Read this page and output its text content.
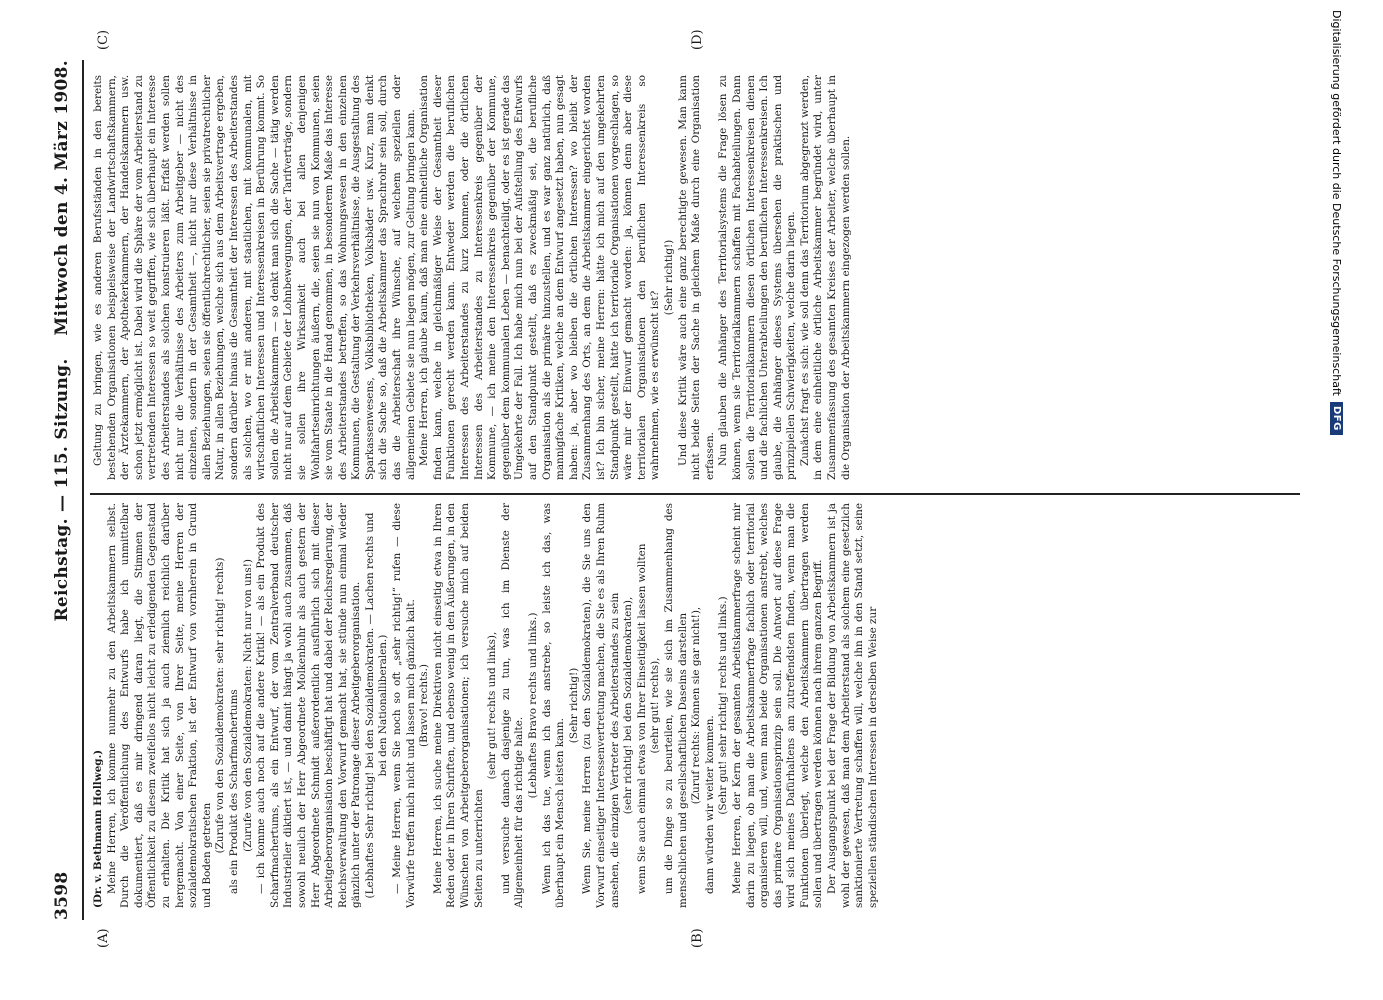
3598
Reichstag. — 115. Sitzung.
Mittwoch den 4. März 1908.
(A)	(B)
(C)	(D)

(Dr. v. Bethmann Hollweg.) Meine Herren, ich komme nunmehr zu den Arbeitskammern selbst. Durch die Veröffentlichung des Entwurfs habe ich unmittelbar dokumentiert, daß es mir dringend daran liegt, die Stimmen der Öffentlichkeit zu diesem zweifellos nicht leicht zu erledigenden Gegenstand zu erhalten. Die Kritik hat sich ja auch ziemlich reichlich darüber hergemacht. Von einer Seite, von Ihrer Seite, meine Herren der sozialdemokratischen Fraktion, ist der Entwurf von vornherein in Grund und Boden getreten

(Zurufe von den Sozialdemokraten: sehr richtig! rechts) als ein Produkt des Scharfmachertums (Zurufe von den Sozialdemokraten: Nicht nur von uns!) — ich komme auch noch auf die andere Kritik! — als ein Produkt des Scharfmachertums, als ein Entwurf, der vom Zentralverband deutscher Industrieller diktiert ist, — und damit hängt ja wohl auch zusammen, daß sowohl neulich der Herr Abgeordnete Molkenbuhr als auch gestern der Herr Abgeordnete Schmidt außerordentlich ausführlich sich mit dieser Arbeitgeberorganisation beschäftigt hat und dabei der Reichsregierung, der Reichsverwaltung den Vorwurf gemacht hat, sie stünde nun einmal wieder gänzlich unter der Patronage dieser Arbeitgeberorganisation. (Lebhaftes Sehr richtig! bei den Sozialdemokraten. — Lachen rechts und bei den Nationalliberalen.) — Meine Herren, wenn Sie noch so oft „sehr richtig!“ rufen — diese Vorwürfe treffen mich nicht und lassen mich gänzlich kalt. (Bravo! rechts.) Meine Herren, ich suche meine Direktiven nicht einseitig etwa in Ihren Reden oder in Ihren Schriften, und ebenso wenig in den Äußerungen, in den Wünschen von Arbeitgeberorganisationen; ich versuche mich auf beiden Seiten zu unterrichten

(sehr gut! rechts und links), und versuche danach dasjenige zu tun, was ich im Dienste der Allgemeinheit für das richtige halte.

(Lebhaftes Bravo rechts und links.) Wenn ich das tue, wenn ich das anstrebe, so leiste ich das, was überhaupt ein Mensch leisten kann.

(Sehr richtig!) Wenn Sie, meine Herren (zu den Sozialdemokraten), die Sie uns den Vorwurf einseitiger Interessenvertretung machen, die Sie es als Ihren Ruhm ansehen, die einzigen Vertreter des Arbeiterstandes zu sein (sehr richtig! bei den Sozialdemokraten), wenn Sie auch einmal etwas von Ihrer Einseitigkeit lassen wollten (sehr gut! rechts), um die Dinge so zu beurteilen, wie sie sich im Zusammenhang des menschlichen und gesellschaftlichen Daseins darstellen (Zuruf rechts: Können sie gar nicht!),

dann würden wir weiter kommen. (Sehr gut! sehr richtig! rechts und links.) Meine Herren, der Kern der gesamten Arbeitskammerfrage scheint mir darin zu liegen, ob man die Arbeitskammerfrage fachlich oder territorial organisieren will, und, wenn man beide Organisationen anstrebt, welches das primäre Organisationsprinzip sein soll. Die Antwort auf diese Frage wird sich meines Dafürhaltens am zutreffendsten finden, wenn man die Funktionen überlegt, welche den Arbeitskammern übertragen werden sollen und übertragen werden können nach ihrem ganzen Begriff. Der Ausgangspunkt bei der Frage der Bildung von Arbeitskammern ist ja wohl der gewesen, daß man dem Arbeiterstand als solchem eine gesetzlich sanktionierte Vertretung schaffen will, welche ihn in den Stand setzt, seine speziellen ständischen Interessen in derselben Weise zur

Geltung zu bringen, wie es anderen Berufsständen in den bereits bestehenden Organisationen beispielsweise der Landwirtschaftskammern, der Ärztekammern, der Apothekerkammern, der Handelskammern usw. schon jetzt ermöglicht ist. Dabei wird die Sphäre der vom Arbeiterstand zu vertretenden Interessen so weit gegriffen, wie sich überhaupt ein Interesse des Arbeiterstandes als solchen konstruieren läßt. Erfaßt werden sollen nicht nur die Verhältnisse des Arbeiters zum Arbeitgeber — nicht des einzelnen, sondern in der Gesamtheit —, nicht nur diese Verhältnisse in allen Beziehungen, seien sie öffentlichrechtlicher, seien sie privatrechtlicher Natur, in allen Beziehungen, welche sich aus dem Arbeitsvertrage ergeben, sondern darüber hinaus die Gesamtheit der Interessen des Arbeiterstandes als solchen, wo er mit anderen, mit staatlichen, mit kommunalen, mit wirtschaftlichen Interessen und Interessenkreisen in Berührung kommt. So sollen die Arbeitskammern — so denkt man sich die Sache — tätig werden nicht nur auf dem Gebiete der Lohnbewegungen, der Tarifverträge, sondern sie sollen ihre Wirksamkeit auch bei allen denjenigen Wohlfahrtseinrichtungen äußern, die, seien sie nun von Kommunen, seien sie vom Staate in die Hand genommen, in besonderem Maße das Interesse des Arbeiterstandes betreffen, so das Wohnungswesen in den einzelnen Kommunen, die Gestaltung der Verkehrsverhältnisse, die Ausgestaltung des Sparkassenwesens, Volksbibliotheken, Volksbäder usw. Kurz, man denkt sich die Sache so, daß die Arbeitskammer das Sprachrohr sein soll, durch das die Arbeiterschaft ihre Wünsche, auf welchem speziellen oder allgemeinen Gebiete sie nun liegen mögen, zur Geltung bringen kann. Meine Herren, ich glaube kaum, daß man eine einheitliche Organisation finden kann, welche in gleichmäßiger Weise der Gesamtheit dieser Funktionen gerecht werden kann. Entweder werden die beruflichen Interessen des Arbeiterstandes zu kurz kommen, oder die örtlichen Interessen des Arbeiterstandes zu Interessenkreis gegenüber der Kommune, — ich meine den Interessenkreis gegenüber der Kommune, gegenüber dem kommunalen Leben — benachteiligt, oder es ist gerade das Umgekehrte der Fall. Ich habe mich nun bei der Aufstellung des Entwurfs auf den Standpunkt gestellt, daß es zweckmäßig sei, die berufliche Organisation als die primäre hinzustellen, und es war ganz natürlich, daß mannigfache Kritiken, welche an dem Entwurf angesetzt haben, nun gesagt haben: ja, aber wo bleiben die örtlichen Interessen? wo bleibt der Zusammenhang des Orts, an dem die Arbeitskammer eingerichtet worden ist? Ich bin sicher, meine Herren: hätte ich mich auf den umgekehrten Standpunkt gestellt, hätte ich territoriale Organisationen vorgeschlagen, so wäre mir der Einwurf gemacht worden: ja, können denn aber diese territorialen Organisationen den beruflichen Interessenkreis so wahrnehmen, wie es erwünscht ist?

(Sehr richtig!) Und diese Kritik wäre auch eine ganz berechtigte gewesen. Man kann nicht beide Seiten der Sache in gleichem Maße durch eine Organisation erfassen. Nun glauben die Anhänger des Territorialsystems die Frage lösen zu können, wenn sie Territorialkammern schaffen mit Fachabteilungen. Dann sollen die Territorialkammern diesen örtlichen Interessenkreisen dienen und die fachlichen Unterabteilungen den beruflichen Interessenkreisen. Ich glaube, die Anhänger dieses Systems übersehen die praktischen und prinzipiellen Schwierigkeiten, welche darin liegen. Zunächst fragt es sich: wie soll denn das Territorium abgegrenzt werden, in dem eine einheitliche örtliche Arbeitskammer begründet wird, unter Zusammenfassung des gesamten Kreises der Arbeiter, welche überhaupt in die Organisation der Arbeitskammern eingezogen werden sollen.	Digitalisierung gefördert durch die Deutsche Forschungsgemeinschaft
DFG
